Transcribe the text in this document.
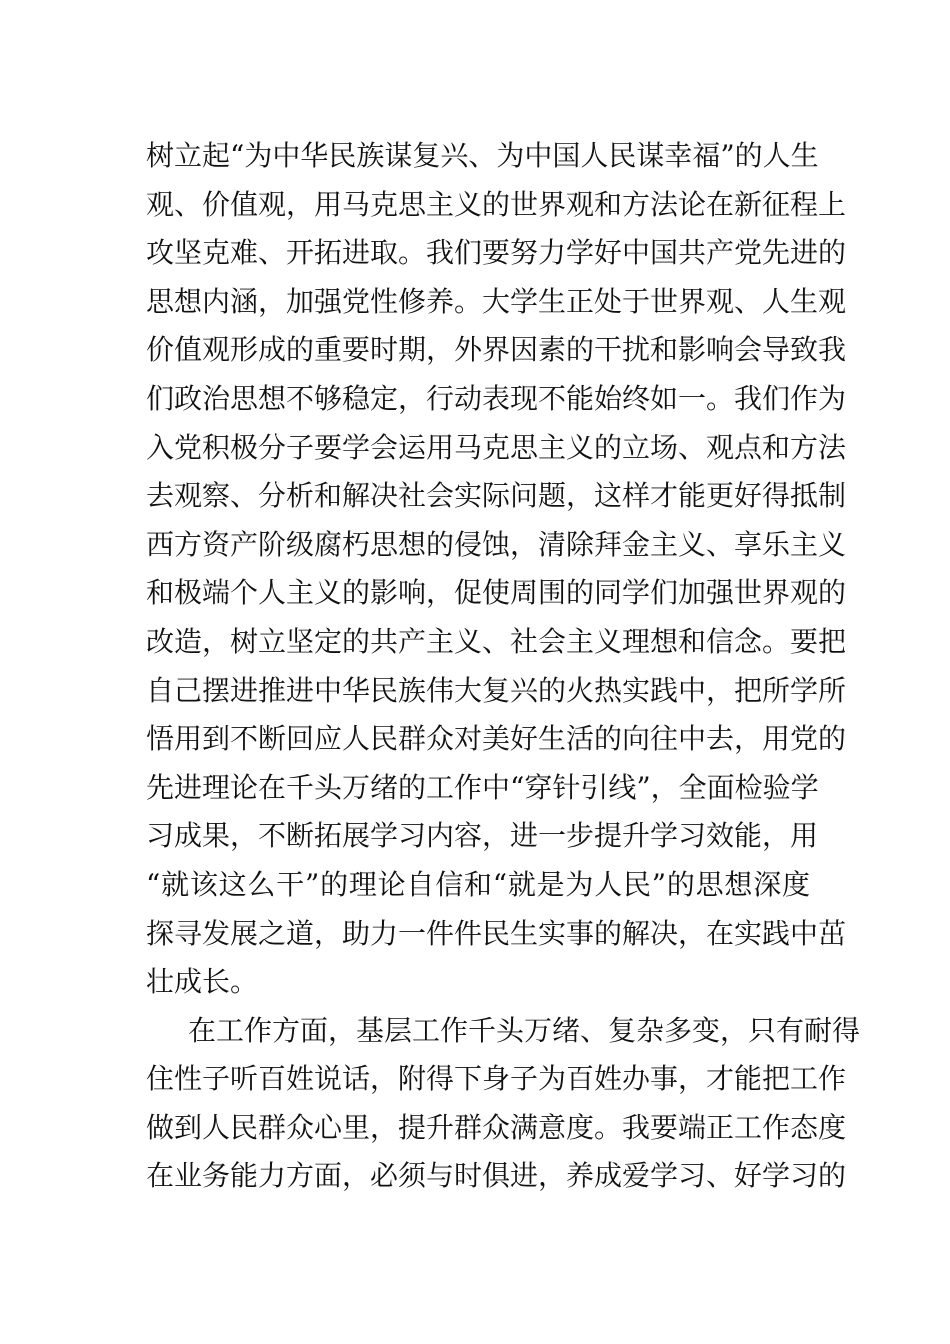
树立起“为中华民族谋复兴、为中国人民谋幸福”的人生
观、价值观，用马克思主义的世界观和方法论在新征程上
攻坚克难、开拓进取。我们要努力学好中国共产党先进的
思想内涵，加强党性修养。大学生正处于世界观、人生观
价值观形成的重要时期，外界因素的干扰和影响会导致我
们政治思想不够稳定，行动表现不能始终如一。我们作为
入党积极分子要学会运用马克思主义的立场、观点和方法
去观察、分析和解决社会实际问题，这样才能更好得抵制
西方资产阶级腐朽思想的侵蚀，清除拜金主义、享乐主义
和极端个人主义的影响，促使周围的同学们加强世界观的
改造，树立坚定的共产主义、社会主义理想和信念。要把
自己摆进推进中华民族伟大复兴的火热实践中，把所学所
悟用到不断回应人民群众对美好生活的向往中去，用党的
先进理论在千头万绪的工作中“穿针引线”，全面检验学
习成果，不断拓展学习内容，进一步提升学习效能，用
“就该这么干”的理论自信和“就是为人民”的思想深度
探寻发展之道，助力一件件民生实事的解决，在实践中茁
壮成长。
在工作方面，基层工作千头万绪、复杂多变，只有耐得
住性子听百姓说话，附得下身子为百姓办事，才能把工作
做到人民群众心里，提升群众满意度。我要端正工作态度
在业务能力方面，必须与时俱进，养成爱学习、好学习的
